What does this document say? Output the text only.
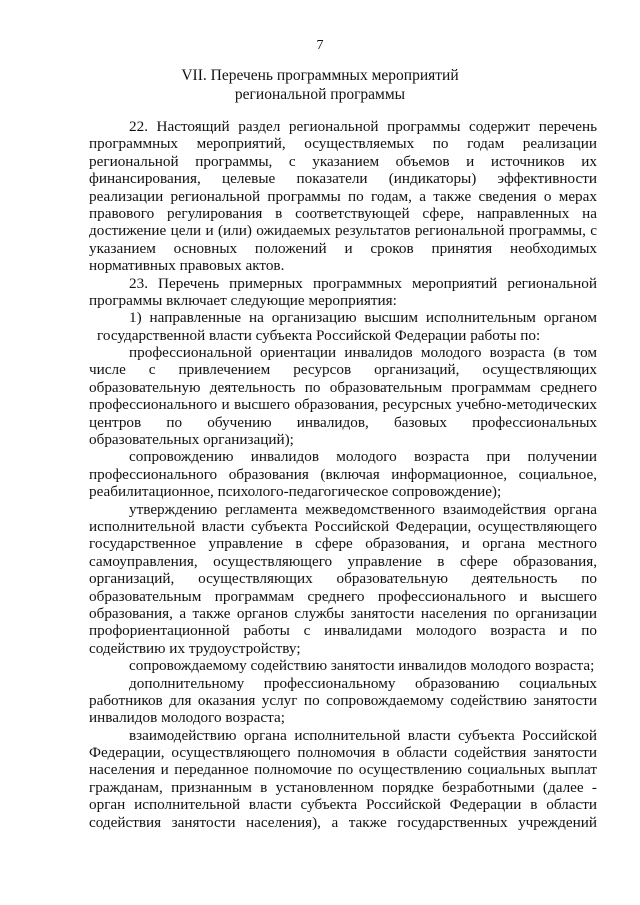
7
VII. Перечень программных мероприятий
региональной программы
22. Настоящий раздел региональной программы содержит перечень
программных мероприятий, осуществляемых по годам реализации
региональной программы, с указанием объемов и источников их
финансирования, целевые показатели (индикаторы) эффективности
реализации региональной программы по годам, а также сведения о мерах
правового регулирования в соответствующей сфере, направленных на
достижение цели и (или) ожидаемых результатов региональной программы, с
указанием основных положений и сроков принятия необходимых
нормативных правовых актов.
23. Перечень примерных программных мероприятий региональной
программы включает следующие мероприятия:
1) направленные на организацию высшим исполнительным органом
государственной власти субъекта Российской Федерации работы по:
профессиональной ориентации инвалидов молодого возраста (в том
числе с привлечением ресурсов организаций, осуществляющих
образовательную деятельность по образовательным программам среднего
профессионального и высшего образования, ресурсных учебно-методических
центров по обучению инвалидов, базовых профессиональных
образовательных организаций);
сопровождению инвалидов молодого возраста при получении
профессионального образования (включая информационное, социальное,
реабилитационное, психолого-педагогическое сопровождение);
утверждению регламента межведомственного взаимодействия органа
исполнительной власти субъекта Российской Федерации, осуществляющего
государственное управление в сфере образования, и органа местного
самоуправления, осуществляющего управление в сфере образования,
организаций, осуществляющих образовательную деятельность по
образовательным программам среднего профессионального и высшего
образования, а также органов службы занятости населения по организации
профориентационной работы с инвалидами молодого возраста и по
содействию их трудоустройству;
сопровождаемому содействию занятости инвалидов молодого возраста;
дополнительному профессиональному образованию социальных
работников для оказания услуг по сопровождаемому содействию занятости
инвалидов молодого возраста;
взаимодействию органа исполнительной власти субъекта Российской
Федерации, осуществляющего полномочия в области содействия занятости
населения и переданное полномочие по осуществлению социальных выплат
гражданам, признанным в установленном порядке безработными (далее -
орган исполнительной власти субъекта Российской Федерации в области
содействия занятости населения), а также государственных учреждений
